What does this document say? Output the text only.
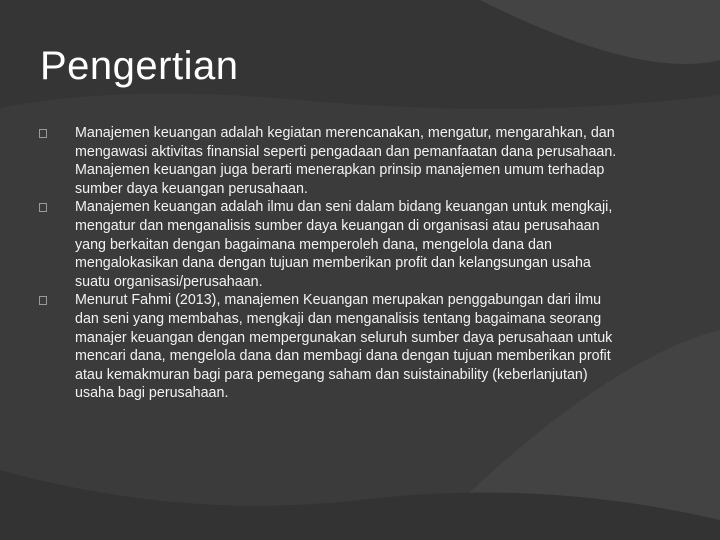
Pengertian
Manajemen keuangan adalah kegiatan merencanakan, mengatur, mengarahkan, dan mengawasi aktivitas finansial seperti pengadaan dan pemanfaatan dana perusahaan. Manajemen keuangan juga berarti menerapkan prinsip manajemen umum terhadap sumber daya keuangan perusahaan.
Manajemen keuangan adalah ilmu dan seni dalam bidang keuangan untuk mengkaji, mengatur dan menganalisis sumber daya keuangan di organisasi atau perusahaan yang berkaitan dengan bagaimana memperoleh dana, mengelola dana dan mengalokasikan dana dengan tujuan memberikan profit dan kelangsungan usaha suatu organisasi/perusahaan.
Menurut Fahmi (2013), manajemen Keuangan merupakan penggabungan dari ilmu dan seni yang membahas, mengkaji dan menganalisis tentang bagaimana seorang manajer keuangan dengan mempergunakan seluruh sumber daya perusahaan untuk mencari dana, mengelola dana dan membagi dana dengan tujuan memberikan profit atau kemakmuran bagi para pemegang saham dan suistainability (keberlanjutan) usaha bagi perusahaan.
